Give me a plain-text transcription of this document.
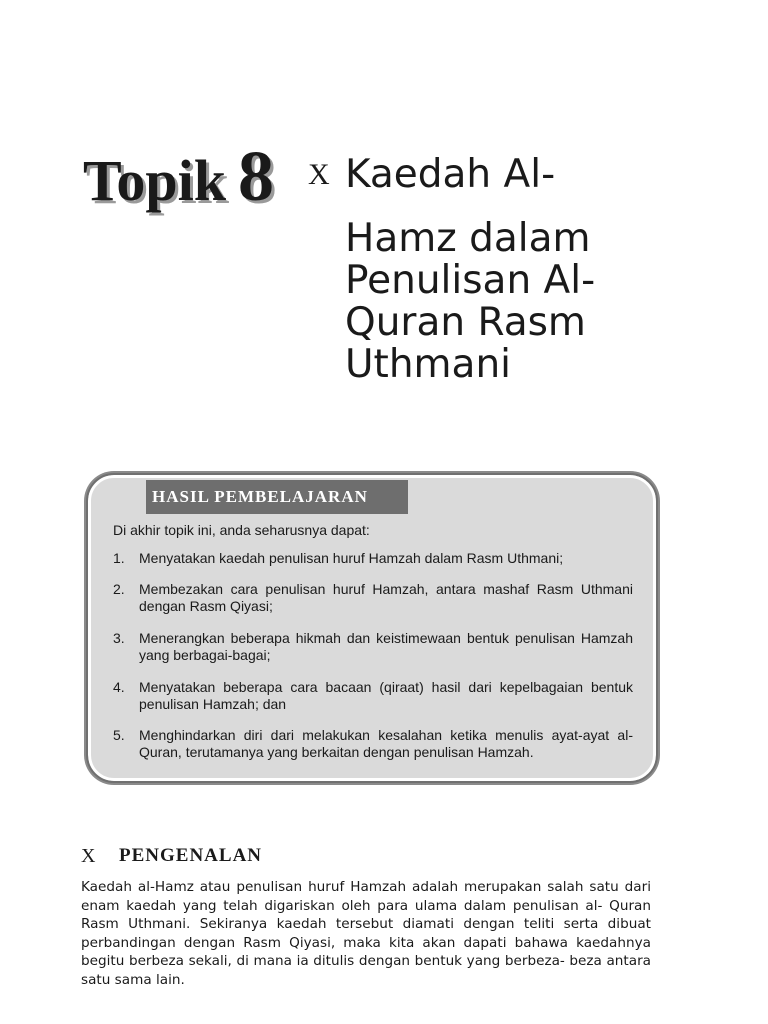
Topik 8 X Kaedah Al-
Hamz dalam
Penulisan Al-
Quran Rasm
Uthmani
HASIL PEMBELAJARAN
Di akhir topik ini, anda seharusnya dapat:
1. Menyatakan kaedah penulisan huruf Hamzah dalam Rasm Uthmani;
2. Membezakan cara penulisan huruf Hamzah, antara mashaf Rasm Uthmani dengan Rasm Qiyasi;
3. Menerangkan beberapa hikmah dan keistimewaan bentuk penulisan Hamzah yang berbagai-bagai;
4. Menyatakan beberapa cara bacaan (qiraat) hasil dari kepelbagaian bentuk penulisan Hamzah; dan
5. Menghindarkan diri dari melakukan kesalahan ketika menulis ayat-ayat al-Quran, terutamanya yang berkaitan dengan penulisan Hamzah.
X PENGENALAN
Kaedah al-Hamz atau penulisan huruf Hamzah adalah merupakan salah satu dari enam kaedah yang telah digariskan oleh para ulama dalam penulisan al- Quran Rasm Uthmani. Sekiranya kaedah tersebut diamati dengan teliti serta dibuat perbandingan dengan Rasm Qiyasi, maka kita akan dapati bahawa kaedahnya begitu berbeza sekali, di mana ia ditulis dengan bentuk yang berbeza- beza antara satu sama lain.
